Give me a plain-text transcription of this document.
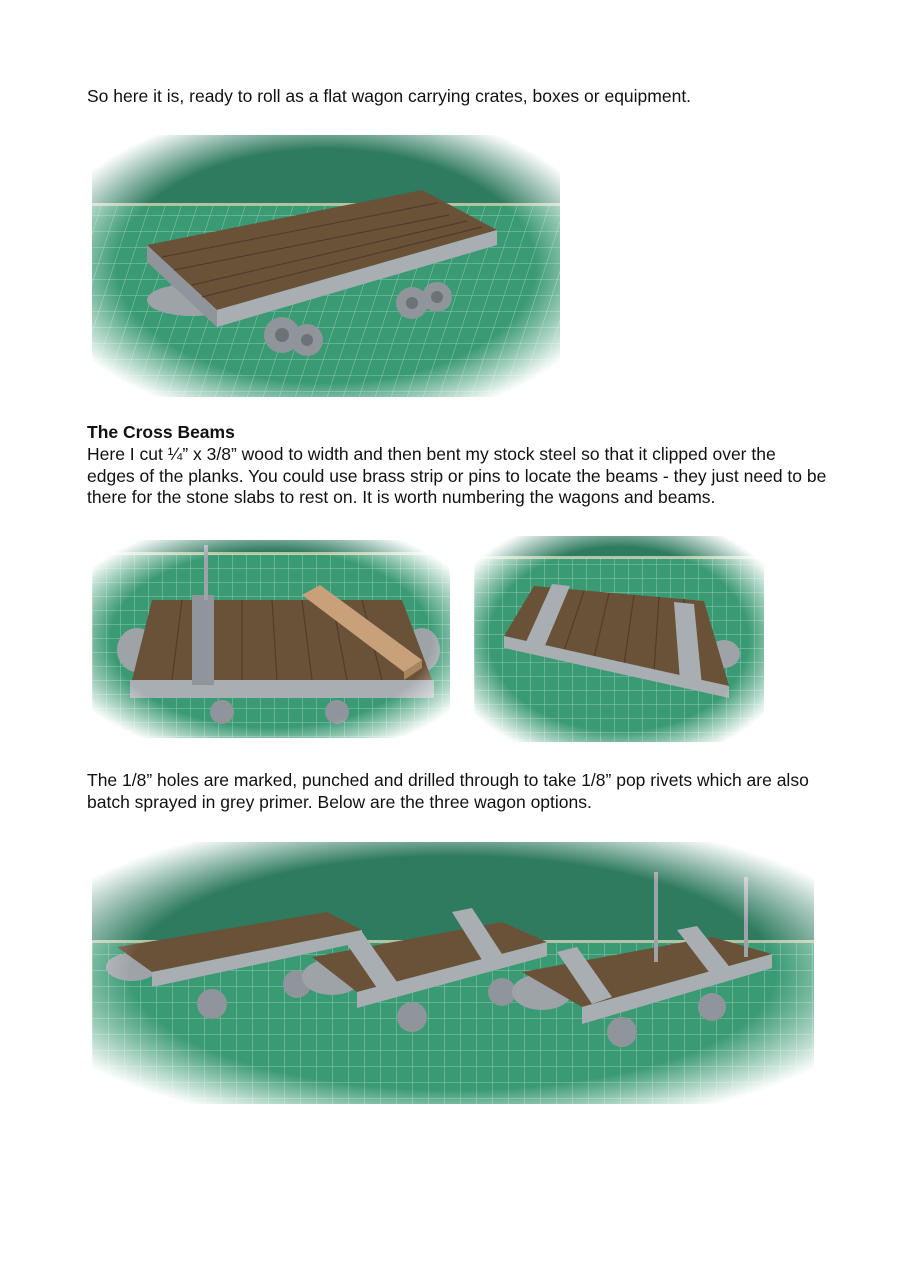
So here it is, ready to roll as a flat wagon carrying crates, boxes or equipment.
The Cross Beams
Here I cut ¼” x 3/8” wood to width and then bent my stock steel so that it clipped over the edges of the planks. You could use brass strip or pins to locate the beams - they just need to be there for the stone slabs to rest on. It is worth numbering the wagons and beams.
The 1/8” holes are marked, punched and drilled through to take 1/8” pop rivets which are also batch sprayed in grey primer. Below are the three wagon options.
